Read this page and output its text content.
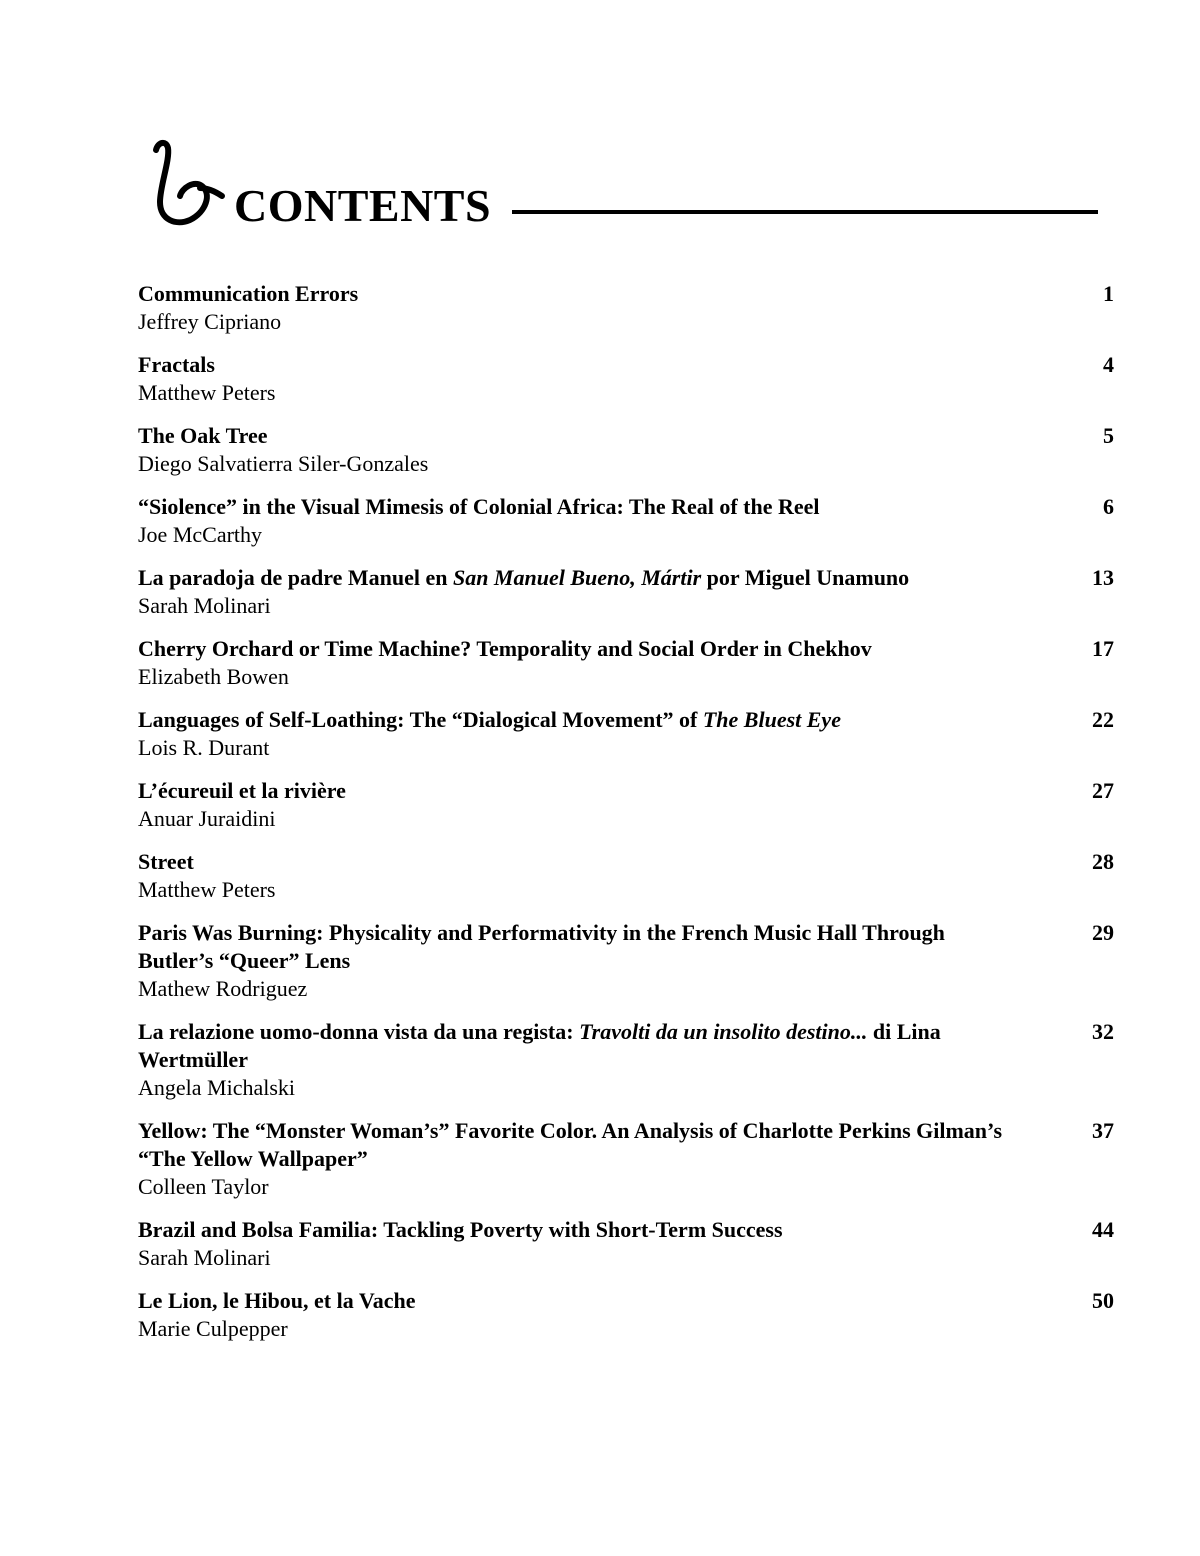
CONTENTS

Communication Errors

Jeffrey Cipriano

1

Fractals

Matthew Peters

4

The Oak Tree

Diego Salvatierra Siler-Gonzales

5

“Siolence” in the Visual Mimesis of Colonial Africa: The Real of the Reel

Joe McCarthy

6

La paradoja de padre Manuel en San Manuel Bueno, Mártir por Miguel Unamuno

Sarah Molinari

13

Cherry Orchard or Time Machine? Temporality and Social Order in Chekhov

Elizabeth Bowen

17

Languages of Self-Loathing: The “Dialogical Movement” of The Bluest Eye

Lois R. Durant

22

L’écureuil et la rivière

Anuar Juraidini

27

Street

Matthew Peters

28

Paris Was Burning: Physicality and Performativity in the French Music Hall Through Butler’s “Queer” Lens

Mathew Rodriguez

29

La relazione uomo-donna vista da una regista: Travolti da un insolito destino... di Lina Wertmüller

Angela Michalski

32

Yellow: The “Monster Woman’s” Favorite Color. An Analysis of Charlotte Perkins Gilman’s “The Yellow Wallpaper”

Colleen Taylor

37

Brazil and Bolsa Familia: Tackling Poverty with Short-Term Success

Sarah Molinari

44

Le Lion, le Hibou, et la Vache

Marie Culpepper

50
